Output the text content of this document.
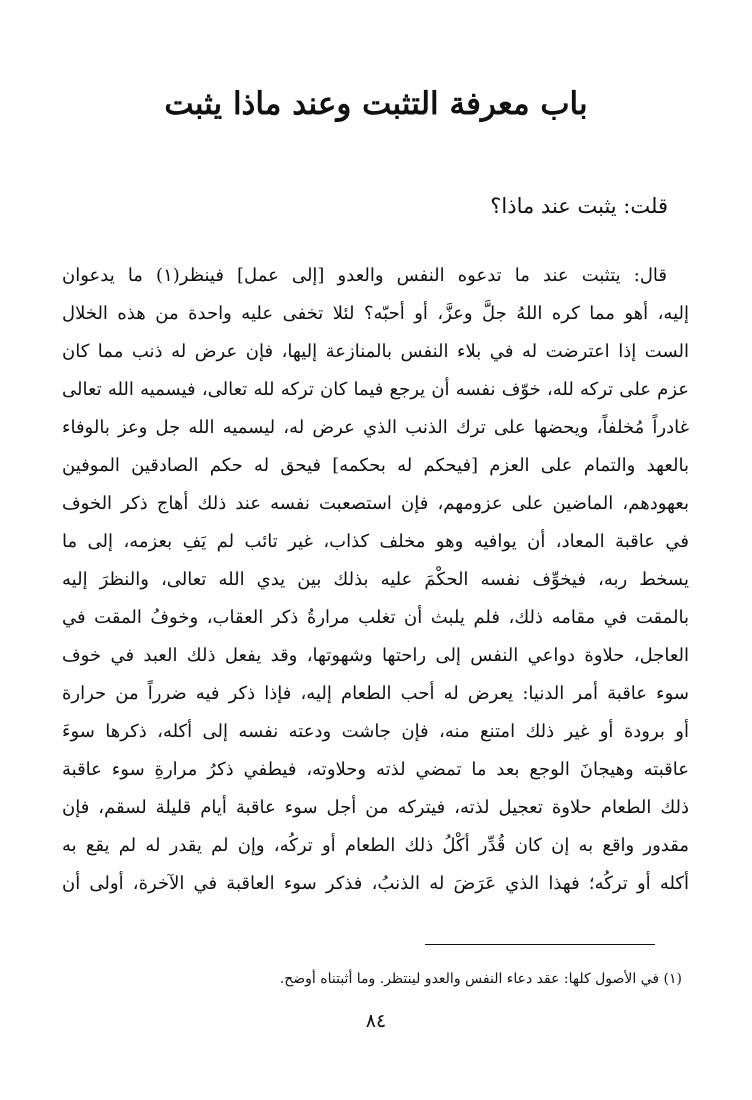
باب معرفة التثبت وعند ماذا يثبت
قلت: يثبت عند ماذا؟
قال: يتثبت عند ما تدعوه النفس والعدو [إلى عمل] فينظر(١) ما يدعوان
إليه، أهو مما كره اللهُ جلَّ وعزَّ، أو أحبّه؟ لئلا تخفى عليه واحدة من هذه الخلال
الست إذا اعترضت له في بلاء النفس بالمنازعة إليها، فإن عرض له ذنب مما كان
عزم على تركه لله، خوّف نفسه أن يرجع فيما كان تركه لله تعالى، فيسميه الله تعالى
غادراً مُخلفاً، ويحضها على ترك الذنب الذي عرض له، ليسميه الله جل وعز بالوفاء
بالعهد والتمام على العزم [فيحكم له بحكمه] فيحق له حكم الصادقين الموفين
بعهودهم، الماضين على عزومهم، فإن استصعبت نفسه عند ذلك أهاج ذكر الخوف
في عاقبة المعاد، أن يوافيه وهو مخلف كذاب، غير تائب لم يَفِ بعزمه، إلى ما
يسخط ربه، فيخوِّف نفسه الحكْمَ عليه بذلك بين يدي الله تعالى، والنظرَ إليه
بالمقت في مقامه ذلك، فلم يلبث أن تغلب مرارةُ ذكر العقاب، وخوفُ المقت في
العاجل، حلاوة دواعي النفس إلى راحتها وشهوتها، وقد يفعل ذلك العبد في خوف
سوء عاقبة أمر الدنيا: يعرض له أحب الطعام إليه، فإذا ذكر فيه ضرراً من حرارة
أو برودة أو غير ذلك امتنع منه، فإن جاشت ودعته نفسه إلى أكله، ذكرها سوءَ
عاقبته وهيجانَ الوجع بعد ما تمضي لذته وحلاوته، فيطفي ذكرُ مرارةِ سوء عاقبة
ذلك الطعام حلاوة تعجيل لذته، فيتركه من أجل سوء عاقبة أيام قليلة لسقم، فإن
مقدور واقع به إن كان قُدِّر أكْلُ ذلك الطعام أو تركُه، وإن لم يقدر له لم يقع به
أكله أو تركُه؛ فهذا الذي عَرَضَ له الذنبُ، فذكر سوء العاقبة في الآخرة، أولى أن
(١) في الأصول كلها: عقد دعاء النفس والعدو لينتظر. وما أثبتناه أوضح.
٨٤
